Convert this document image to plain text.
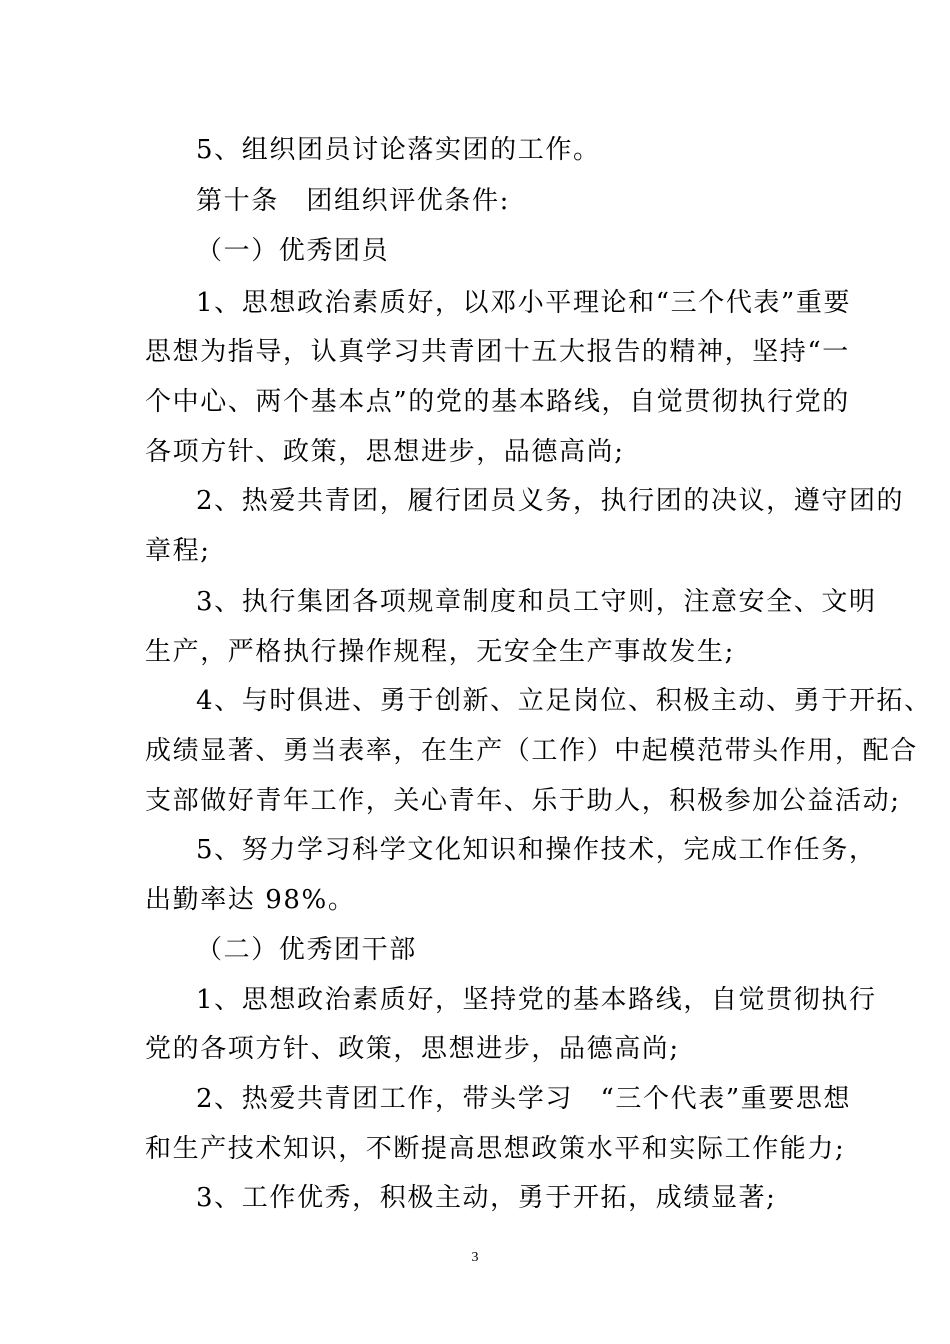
5、组织团员讨论落实团的工作。
第十条　团组织评优条件:
（一）优秀团员
1、思想政治素质好，以邓小平理论和“三个代表”重要
思想为指导，认真学习共青团十五大报告的精神，坚持“一
个中心、两个基本点”的党的基本路线，自觉贯彻执行党的
各项方针、政策，思想进步，品德高尚;
2、热爱共青团，履行团员义务，执行团的决议，遵守团的
章程;
3、执行集团各项规章制度和员工守则，注意安全、文明
生产，严格执行操作规程，无安全生产事故发生;
4、与时俱进、勇于创新、立足岗位、积极主动、勇于开拓、
成绩显著、勇当表率，在生产（工作）中起模范带头作用，配合
支部做好青年工作，关心青年、乐于助人，积极参加公益活动;
5、努力学习科学文化知识和操作技术，完成工作任务，
出勤率达 98%。
（二）优秀团干部
1、思想政治素质好，坚持党的基本路线，自觉贯彻执行
党的各项方针、政策，思想进步，品德高尚;
2、热爱共青团工作，带头学习　“三个代表”重要思想
和生产技术知识，不断提高思想政策水平和实际工作能力;
3、工作优秀，积极主动，勇于开拓，成绩显著;
3
